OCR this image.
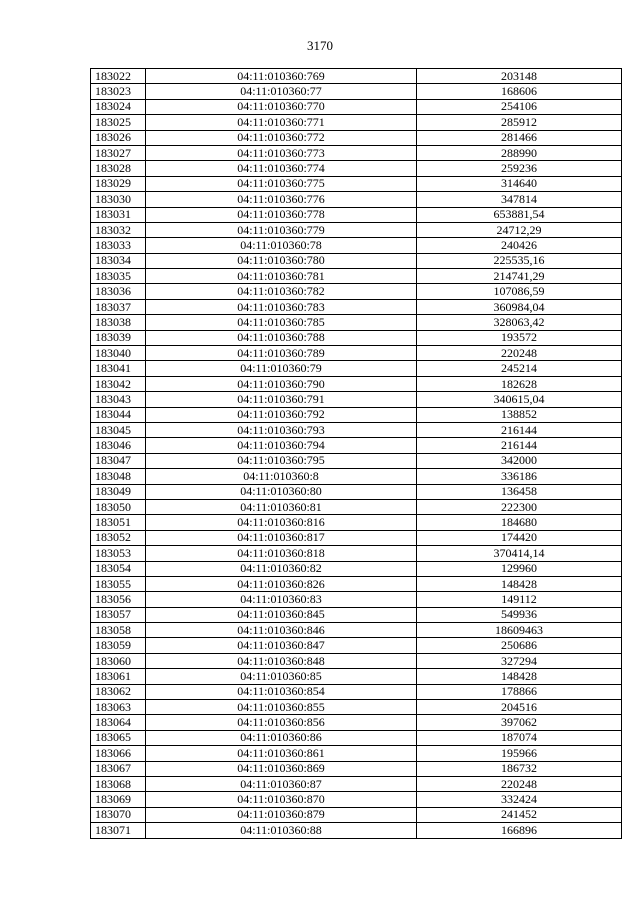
3170
183022	04:11:010360:769	203148
183023	04:11:010360:77	168606
183024	04:11:010360:770	254106
183025	04:11:010360:771	285912
183026	04:11:010360:772	281466
183027	04:11:010360:773	288990
183028	04:11:010360:774	259236
183029	04:11:010360:775	314640
183030	04:11:010360:776	347814
183031	04:11:010360:778	653881,54
183032	04:11:010360:779	24712,29
183033	04:11:010360:78	240426
183034	04:11:010360:780	225535,16
183035	04:11:010360:781	214741,29
183036	04:11:010360:782	107086,59
183037	04:11:010360:783	360984,04
183038	04:11:010360:785	328063,42
183039	04:11:010360:788	193572
183040	04:11:010360:789	220248
183041	04:11:010360:79	245214
183042	04:11:010360:790	182628
183043	04:11:010360:791	340615,04
183044	04:11:010360:792	138852
183045	04:11:010360:793	216144
183046	04:11:010360:794	216144
183047	04:11:010360:795	342000
183048	04:11:010360:8	336186
183049	04:11:010360:80	136458
183050	04:11:010360:81	222300
183051	04:11:010360:816	184680
183052	04:11:010360:817	174420
183053	04:11:010360:818	370414,14
183054	04:11:010360:82	129960
183055	04:11:010360:826	148428
183056	04:11:010360:83	149112
183057	04:11:010360:845	549936
183058	04:11:010360:846	18609463
183059	04:11:010360:847	250686
183060	04:11:010360:848	327294
183061	04:11:010360:85	148428
183062	04:11:010360:854	178866
183063	04:11:010360:855	204516
183064	04:11:010360:856	397062
183065	04:11:010360:86	187074
183066	04:11:010360:861	195966
183067	04:11:010360:869	186732
183068	04:11:010360:87	220248
183069	04:11:010360:870	332424
183070	04:11:010360:879	241452
183071	04:11:010360:88	166896
